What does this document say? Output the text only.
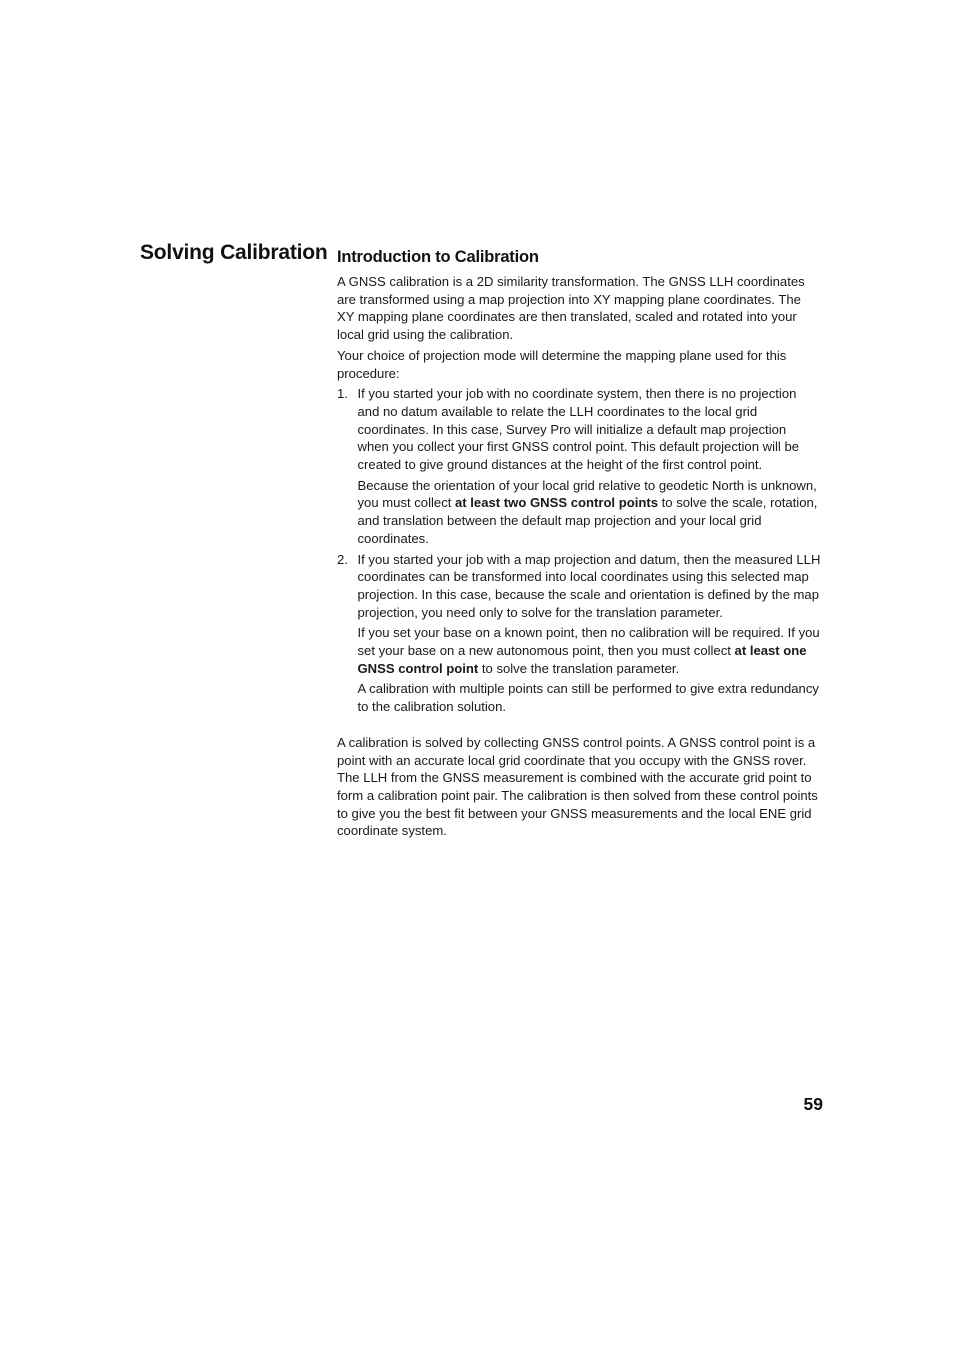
Solving Calibration Introduction to Calibration

A GNSS calibration is a 2D similarity transformation. The GNSS LLH coordinates are transformed using a map projection into XY mapping plane coordinates. The XY mapping plane coordinates are then translated, scaled and rotated into your local grid using the calibration.

Your choice of projection mode will determine the mapping plane used for this procedure:

1. If you started your job with no coordinate system, then there is no projection and no datum available to relate the LLH coordinates to the local grid coordinates. In this case, Survey Pro will initialize a default map projection when you collect your first GNSS control point. This default projection will be created to give ground distances at the height of the first control point.

Because the orientation of your local grid relative to geodetic North is unknown, you must collect at least two GNSS control points to solve the scale, rotation, and translation between the default map projection and your local grid coordinates.

2. If you started your job with a map projection and datum, then the measured LLH coordinates can be transformed into local coordinates using this selected map projection. In this case, because the scale and orientation is defined by the map projection, you need only to solve for the translation parameter.

If you set your base on a known point, then no calibration will be required. If you set your base on a new autonomous point, then you must collect at least one GNSS control point to solve the translation parameter.

A calibration with multiple points can still be performed to give extra redundancy to the calibration solution.

A calibration is solved by collecting GNSS control points. A GNSS control point is a point with an accurate local grid coordinate that you occupy with the GNSS rover. The LLH from the GNSS measurement is combined with the accurate grid point to form a calibration point pair. The calibration is then solved from these control points to give you the best fit between your GNSS measurements and the local ENE grid coordinate system.

59
